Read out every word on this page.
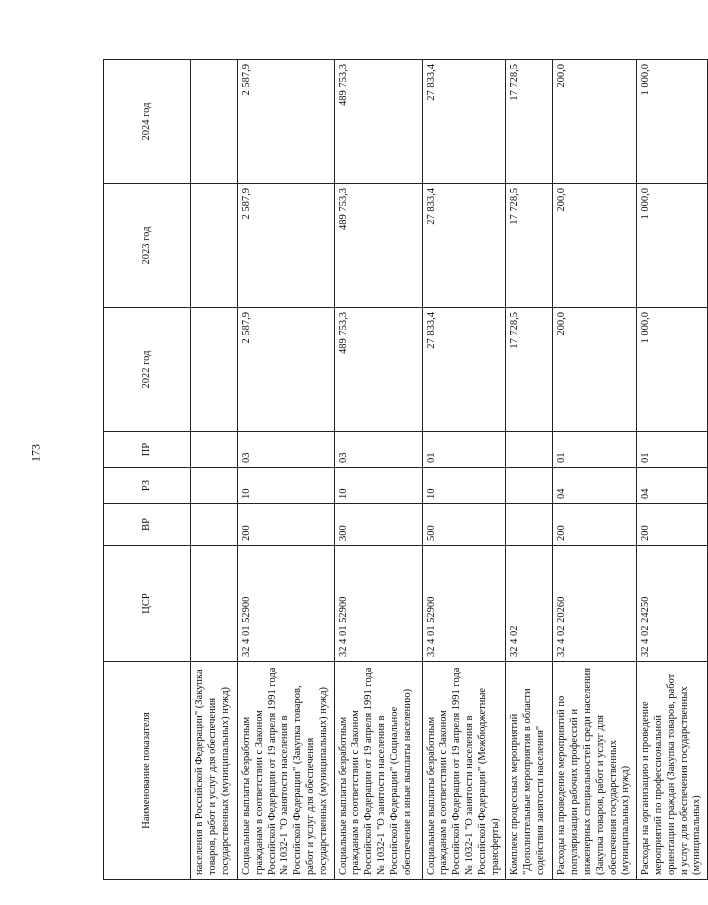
173
Наименование показателя	ЦСР	ВР	РЗ	ПР	2022 год	2023 год	2024 год
населения в Российской Федерации" (Закупка товаров, работ и услуг для обеспечения государственных (муниципальных) нужд)							
Социальные выплаты безработным гражданам в соответствии с Законом Российской Федерации от 19 апреля 1991 года № 1032-1 "О занятости населения в Российской Федерации" (Закупка товаров, работ и услуг для обеспечения государственных (муниципальных) нужд)	32 4 01 52900	200	10	03	2 587,9	2 587,9	2 587,9
Социальные выплаты безработным гражданам в соответствии с Законом Российской Федерации от 19 апреля 1991 года № 1032-1 "О занятости населения в Российской Федерации" (Социальное обеспечение и иные выплаты населению)	32 4 01 52900	300	10	03	489 753,3	489 753,3	489 753,3
Социальные выплаты безработным гражданам в соответствии с Законом Российской Федерации от 19 апреля 1991 года № 1032-1 "О занятости населения в Российской Федерации" (Межбюджетные трансферты)	32 4 01 52900	500	10	01	27 833,4	27 833,4	27 833,4
Комплекс процессных мероприятий "Дополнительные мероприятия в области содействия занятости населения"	32 4 02				17 728,5	17 728,5	17 728,5
Расходы на проведение мероприятий по популяризации рабочих профессий и инженерных специальностей среди населения (Закупка товаров, работ и услуг для обеспечения государственных (муниципальных) нужд)	32 4 02 20260	200	04	01	200,0	200,0	200,0
Расходы на организацию и проведение мероприятий по профессиональной ориентации граждан (Закупка товаров, работ и услуг для обеспечения государственных (муниципальных)	32 4 02 24250	200	04	01	1 000,0	1 000,0	1 000,0
